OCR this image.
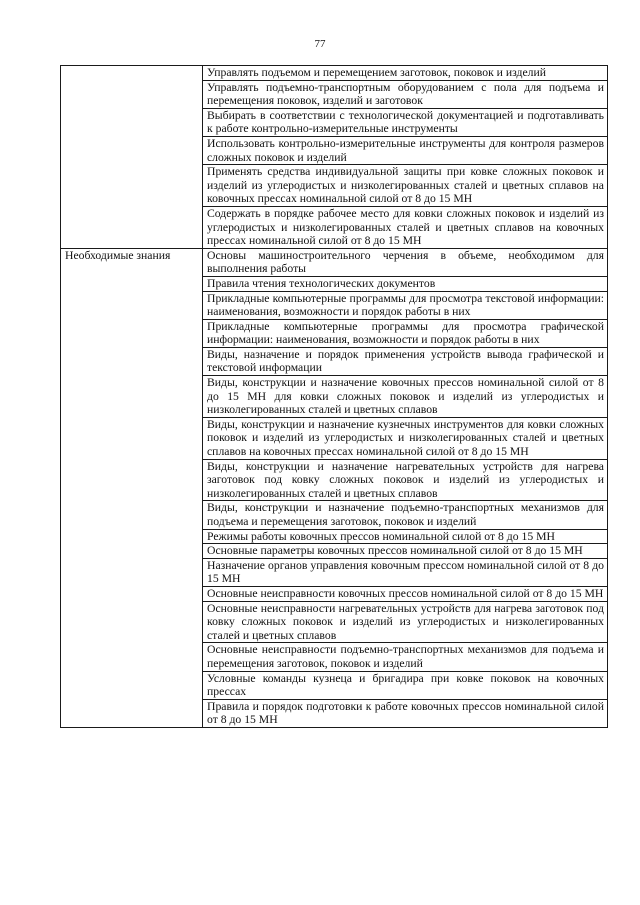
77
	Управлять подъемом и перемещением заготовок, поковок и изделий
	Управлять подъемно-транспортным оборудованием с пола для подъема и перемещения поковок, изделий и заготовок
	Выбирать в соответствии с технологической документацией и подготавливать к работе контрольно-измерительные инструменты
	Использовать контрольно-измерительные инструменты для контроля размеров сложных поковок и изделий
	Применять средства индивидуальной защиты при ковке сложных поковок и изделий из углеродистых и низколегированных сталей и цветных сплавов на ковочных прессах номинальной силой от 8 до 15 МН
	Содержать в порядке рабочее место для ковки сложных поковок и изделий из углеродистых и низколегированных сталей и цветных сплавов на ковочных прессах номинальной силой от 8 до 15 МН
Необходимые знания	Основы машиностроительного черчения в объеме, необходимом для выполнения работы
	Правила чтения технологических документов
	Прикладные компьютерные программы для просмотра текстовой информации: наименования, возможности и порядок работы в них
	Прикладные компьютерные программы для просмотра графической информации: наименования, возможности и порядок работы в них
	Виды, назначение и порядок применения устройств вывода графической и текстовой информации
	Виды, конструкции и назначение ковочных прессов номинальной силой от 8 до 15 МН для ковки сложных поковок и изделий из углеродистых и низколегированных сталей и цветных сплавов
	Виды, конструкции и назначение кузнечных инструментов для ковки сложных поковок и изделий из углеродистых и низколегированных сталей и цветных сплавов на ковочных прессах номинальной силой от 8 до 15 МН
	Виды, конструкции и назначение нагревательных устройств для нагрева заготовок под ковку сложных поковок и изделий из углеродистых и низколегированных сталей и цветных сплавов
	Виды, конструкции и назначение подъемно-транспортных механизмов для подъема и перемещения заготовок, поковок и изделий
	Режимы работы ковочных прессов номинальной силой от 8 до 15 МН
	Основные параметры ковочных прессов номинальной силой от 8 до 15 МН
	Назначение органов управления ковочным прессом номинальной силой от 8 до 15 МН
	Основные неисправности ковочных прессов номинальной силой от 8 до 15 МН
	Основные неисправности нагревательных устройств для нагрева заготовок под ковку сложных поковок и изделий из углеродистых и низколегированных сталей и цветных сплавов
	Основные неисправности подъемно-транспортных механизмов для подъема и перемещения заготовок, поковок и изделий
	Условные команды кузнеца и бригадира при ковке поковок на ковочных прессах
	Правила и порядок подготовки к работе ковочных прессов номинальной силой от 8 до 15 МН
